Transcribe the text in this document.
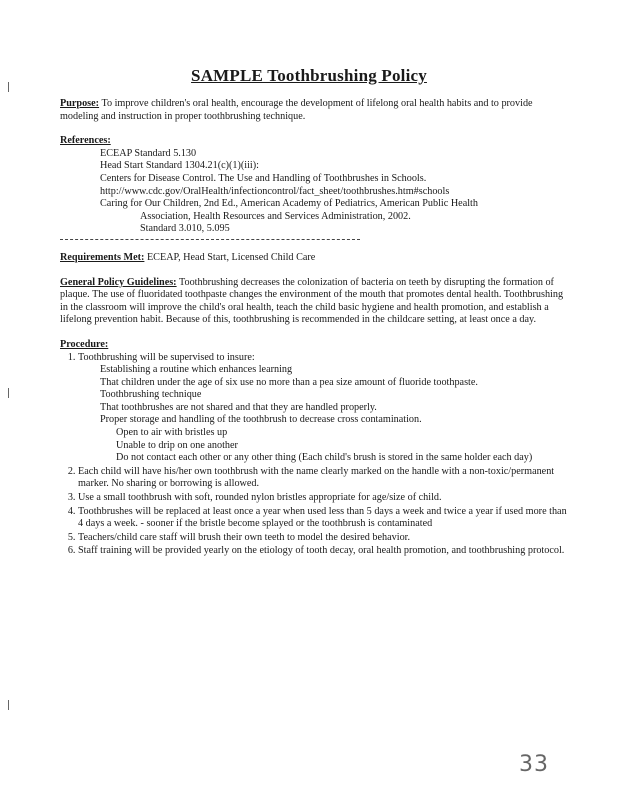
SAMPLE Toothbrushing Policy

Purpose: To improve children's oral health, encourage the development of lifelong oral health habits and to provide modeling and instruction in proper toothbrushing technique.

References:
ECEAP Standard 5.130
Head Start Standard 1304.21(c)(1)(iii):
Centers for Disease Control. The Use and Handling of Toothbrushes in Schools.
http://www.cdc.gov/OralHealth/infectioncontrol/fact_sheet/toothbrushes.htm#schools
Caring for Our Children, 2nd Ed., American Academy of Pediatrics, American Public Health
Association, Health Resources and Services Administration, 2002.
Standard 3.010, 5.095

Requirements Met: ECEAP, Head Start, Licensed Child Care

General Policy Guidelines: Toothbrushing decreases the colonization of bacteria on teeth by disrupting the formation of plaque. The use of fluoridated toothpaste changes the environment of the mouth that promotes dental health. Toothbrushing in the classroom will improve the child's oral health, teach the child basic hygiene and health promotion, and establish a lifelong prevention habit. Because of this, toothbrushing is recommended in the childcare setting, at least once a day.

Procedure:
1. Toothbrushing will be supervised to insure:
Establishing a routine which enhances learning
That children under the age of six use no more than a pea size amount of fluoride toothpaste.
Toothbrushing technique
That toothbrushes are not shared and that they are handled properly.
Proper storage and handling of the toothbrush to decrease cross contamination.
Open to air with bristles up
Unable to drip on one another
Do not contact each other or any other thing (Each child's brush is stored in the same holder each day)
2. Each child will have his/her own toothbrush with the name clearly marked on the handle with a non-toxic/permanent marker. No sharing or borrowing is allowed.
3. Use a small toothbrush with soft, rounded nylon bristles appropriate for age/size of child.
4. Toothbrushes will be replaced at least once a year when used less than 5 days a week and twice a year if used more than 4 days a week. - sooner if the bristle become splayed or the toothbrush is contaminated
5. Teachers/child care staff will brush their own teeth to model the desired behavior.
6. Staff training will be provided yearly on the etiology of tooth decay, oral health promotion, and toothbrushing protocol.
33
